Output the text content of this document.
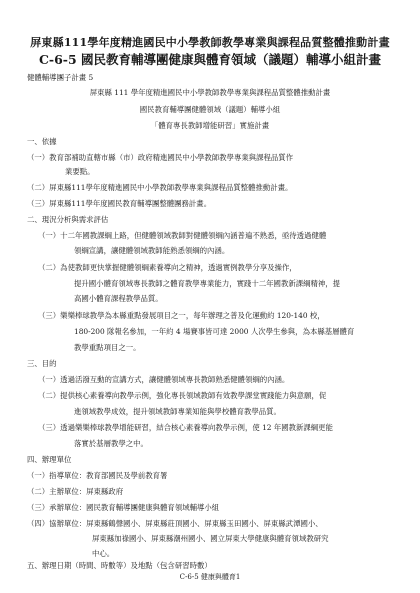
屏東縣111學年度精進國民中小學教師教學專業與課程品質整體推動計畫
C-6-5 國民教育輔導團健康與體育領域（議題）輔導小組計畫
健體輔導團子計畫 5
屏東縣 111 學年度精進國民中小學教師教學專業與課程品質整體推動計畫
國民教育輔導團健體領域（議題）輔導小組
「體育專長教師增能研習」實施計畫
一、依據
（一）教育部補助直轄市縣（市）政府精進國民中小學教師教學專業與課程品質作
業要點。
（二）屏東縣111學年度精進國民中小學教師教學專業與課程品質整體推動計畫。
（三）屏東縣111學年度國民教育輔導團整體團務計畫。
二、現況分析與需求評估
（一）十二年國教課綱上路，但健體領域教師對健體領綱內涵普遍不熟悉，亟待透過健體
領綱宣講，讓健體領域教師能熟悉領綱的內涵。
（二）為使教師更快掌握健體領綱素養導向之精神，透過實例教學分享及操作，
提升國小體育領域專長教師之體育教學專業能力，實踐十二年國教新課綱精神，提
高國小體育課程教學品質。
（三）樂樂棒球教學為本縣重點發展項目之一，每年辦理之普及化運動約 120-140 校，
180-200 隊報名參加，一年約 4 場賽事皆可達 2000 人次學生參與，為本縣基層體育
教學重點項目之一。
三、目的
（一）透過活潑互動的宣講方式，讓健體領域專長教師熟悉健體領綱的內涵。
（二）提供核心素養導向教學示例，強化專長領域教師有效教學課堂實踐能力與意願，促
進領域教學成效，提升領域教師專業知能與學校體育教學品質。
（三）透過樂樂棒球教學增能研習，結合核心素養導向教學示例，使 12 年國教新課綱更能
落實於基層教學之中。
四、辦理單位
（一）指導單位：教育部國民及學前教育署
（二）主辦單位：屏東縣政府
（三）承辦單位：國民教育輔導團健康與體育領域輔導小組
（四）協辦單位：屏東縣鶴聲國小、屏東縣莊頂國小、屏東縣玉田國小、屏東縣武潭國小、
屏東縣加祿國小、屏東縣潮州國小、國立屏東大學健康與體育領域教研究
中心。
五、辦理日期（時間、時數等）及地點（包含研習時數）
C-6-5 健康與體育1
